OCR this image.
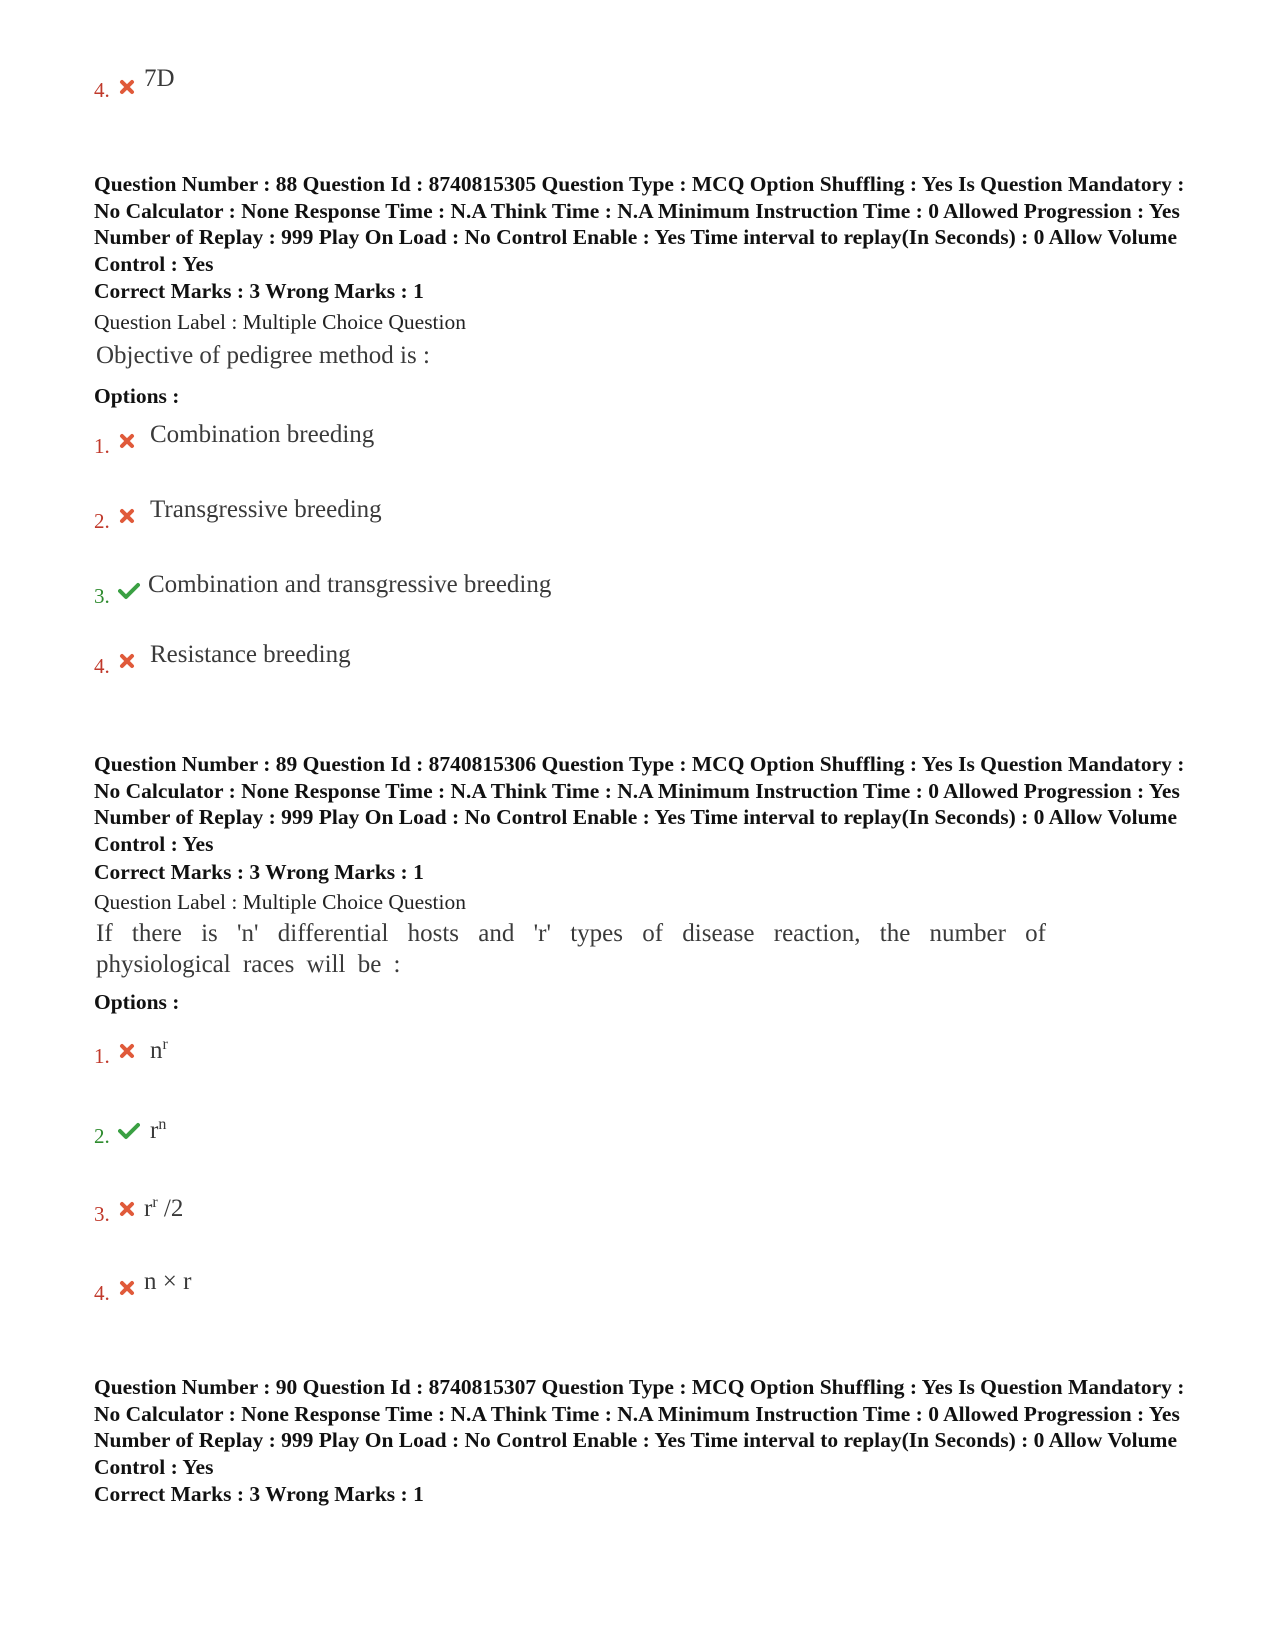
4. 7D
Question Number : 88 Question Id : 8740815305 Question Type : MCQ Option Shuffling : Yes Is Question Mandatory : No Calculator : None Response Time : N.A Think Time : N.A Minimum Instruction Time : 0 Allowed Progression : Yes Number of Replay : 999 Play On Load : No Control Enable : Yes Time interval to replay(In Seconds) : 0 Allow Volume Control : Yes
Correct Marks : 3 Wrong Marks : 1
Question Label : Multiple Choice Question
Objective of pedigree method is :
Options :
1. Combination breeding
2. Transgressive breeding
3. Combination and transgressive breeding
4. Resistance breeding
Question Number : 89 Question Id : 8740815306 Question Type : MCQ Option Shuffling : Yes Is Question Mandatory : No Calculator : None Response Time : N.A Think Time : N.A Minimum Instruction Time : 0 Allowed Progression : Yes Number of Replay : 999 Play On Load : No Control Enable : Yes Time interval to replay(In Seconds) : 0 Allow Volume Control : Yes
Correct Marks : 3 Wrong Marks : 1
Question Label : Multiple Choice Question
If there is 'n' differential hosts and 'r' types of disease reaction, the number of physiological races will be :
Options :
1. $n^r$
2. $r^n$
3. $r^r$ /2
4. n × r
Question Number : 90 Question Id : 8740815307 Question Type : MCQ Option Shuffling : Yes Is Question Mandatory : No Calculator : None Response Time : N.A Think Time : N.A Minimum Instruction Time : 0 Allowed Progression : Yes Number of Replay : 999 Play On Load : No Control Enable : Yes Time interval to replay(In Seconds) : 0 Allow Volume Control : Yes
Correct Marks : 3 Wrong Marks : 1
